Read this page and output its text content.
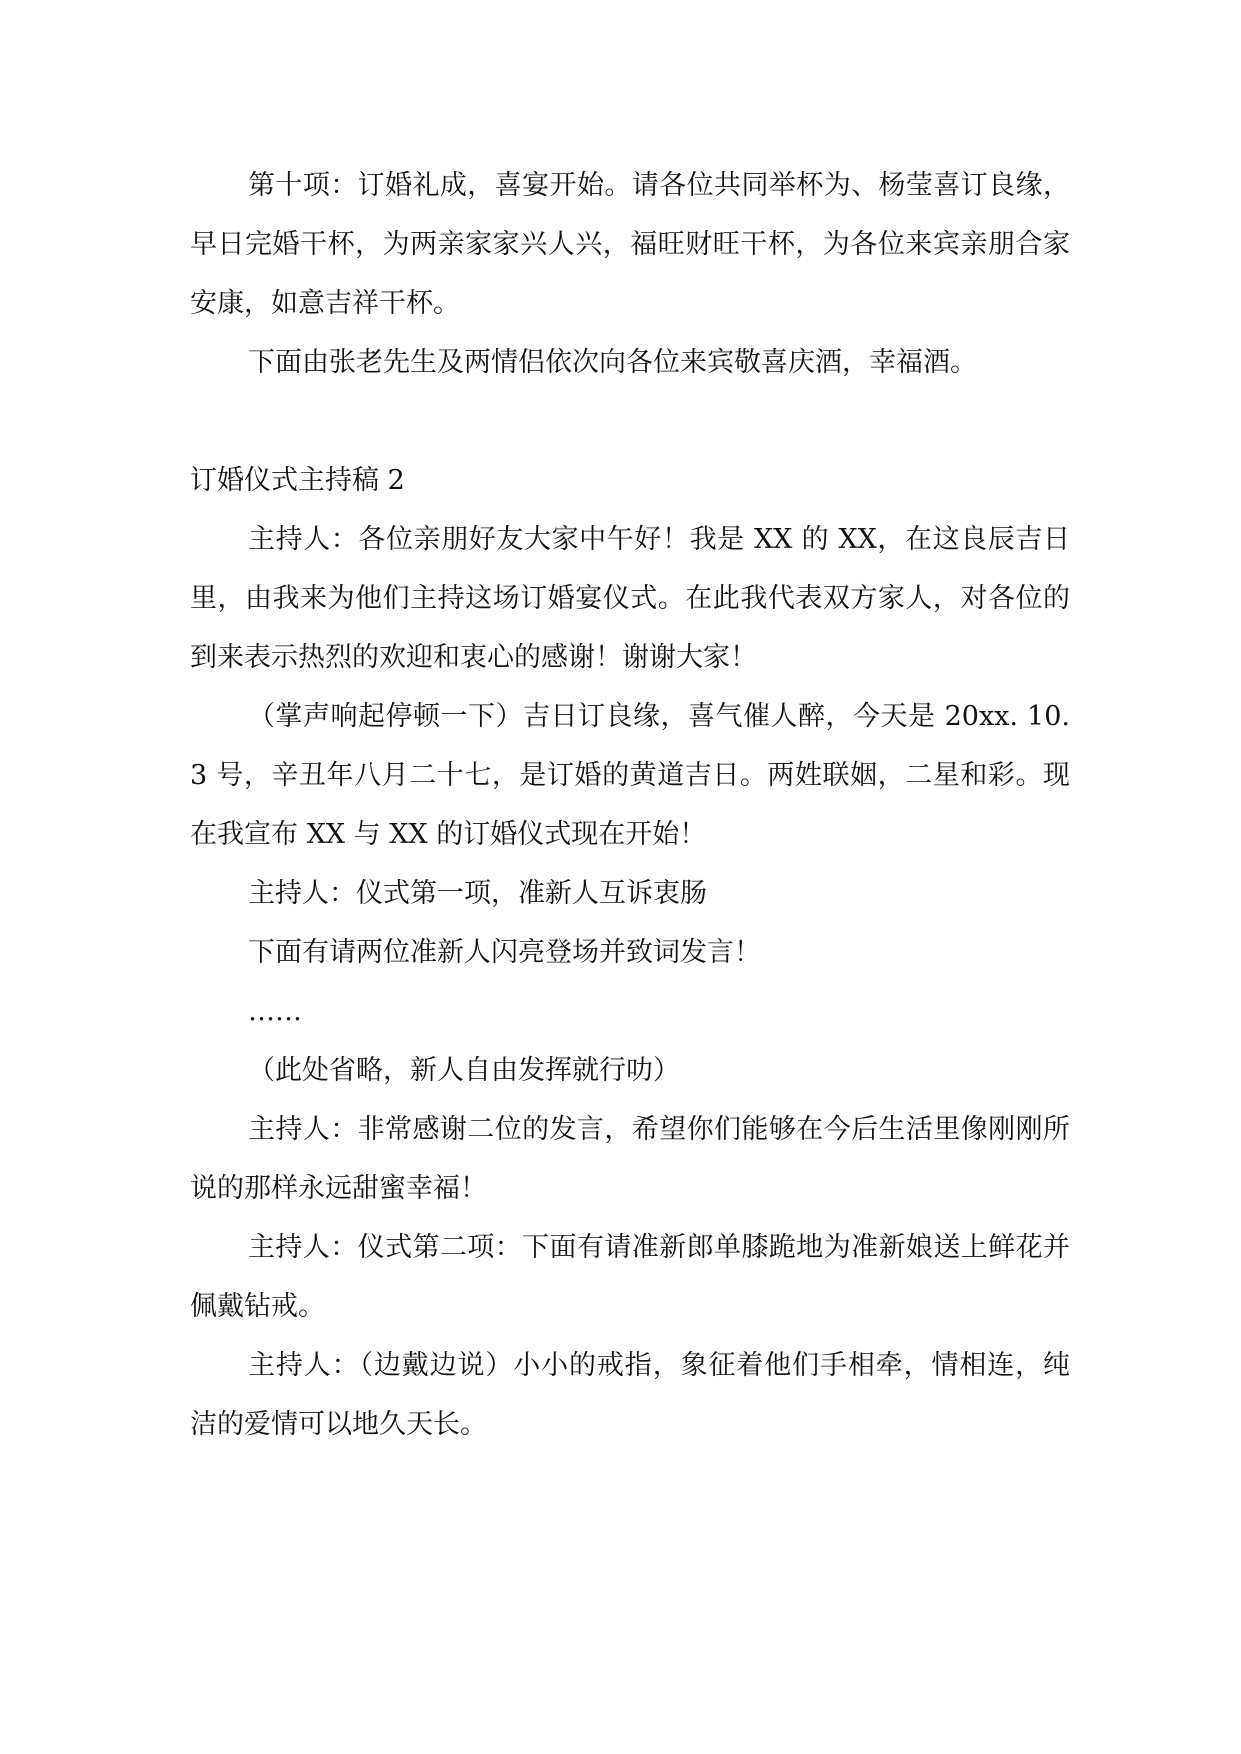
第十项：订婚礼成，喜宴开始。请各位共同举杯为、杨莹喜订良缘，早日完婚干杯，为两亲家家兴人兴，福旺财旺干杯，为各位来宾亲朋合家安康，如意吉祥干杯。

下面由张老先生及两情侣依次向各位来宾敬喜庆酒，幸福酒。

订婚仪式主持稿 2

主持人：各位亲朋好友大家中午好！我是 XX 的 XX，在这良辰吉日里，由我来为他们主持这场订婚宴仪式。在此我代表双方家人，对各位的到来表示热烈的欢迎和衷心的感谢！谢谢大家！

（掌声响起停顿一下）吉日订良缘，喜气催人醉，今天是 20xx. 10. 3 号，辛丑年八月二十七，是订婚的黄道吉日。两姓联姻，二星和彩。现在我宣布 XX 与 XX 的订婚仪式现在开始！

主持人：仪式第一项，准新人互诉衷肠

下面有请两位准新人闪亮登场并致词发言！

……

（此处省略，新人自由发挥就行叻）

主持人：非常感谢二位的发言，希望你们能够在今后生活里像刚刚所说的那样永远甜蜜幸福！

主持人：仪式第二项：下面有请准新郎单膝跪地为准新娘送上鲜花并佩戴钻戒。

主持人：（边戴边说）小小的戒指，象征着他们手相牵，情相连，纯洁的爱情可以地久天长。
